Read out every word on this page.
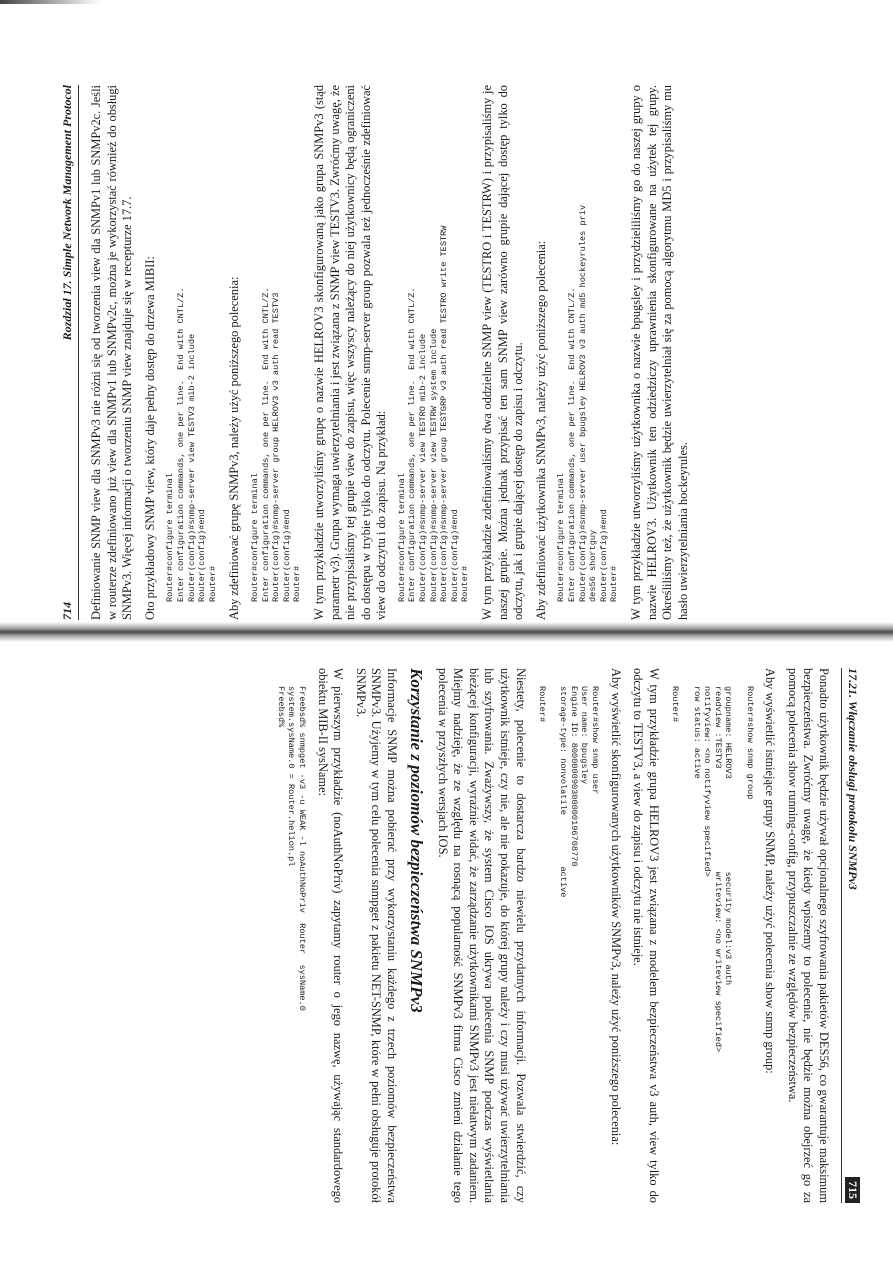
714
Rozdział 17. Simple Network Management Protocol Definiowanie SNMP view dla SNMPv3 nie różni się od tworzenia view dla SNMPv1 lub SNMPv2c. Jeśli w routerze zdefiniowano już view dla SNMPv1 lub SNMPv2c, można je wykorzystać również do obsługi SNMPv3. Więcej informacji o tworzeniu SNMP view znajduje się w recepturze 17.7. Oto przykładowy SNMP view, który daje pełny dostęp do drzewa MIBII: Router#configure terminal
Enter configuration commands, one per line.  End with CNTL/Z.
Router(config)#snmp-server view TESTV3 mib-2 include
Router(config)#end
Router# Aby zdefiniować grupę SNMPv3, należy użyć poniższego polecenia: Router#configure terminal
Enter configuration commands, one per line.  End with CNTL/Z.
Router(config)#snmp-server group HELROV3 v3 auth read TESTV3
Router(config)#end
Router# W tym przykładzie utworzyliśmy grupę o nazwie HELROV3 skonfigurowaną jako grupa SNMPv3 (stąd parametr v3). Grupa wymaga uwierzytelniania i jest związana z SNMP view TESTV3. Zwróćmy uwagę, że nie przypisaliśmy tej grupie view do zapisu, więc wszyscy należący do niej użytkownicy będą ograniczeni do dostępu w trybie tylko do odczytu. Polecenie snmp-server group pozwala też jednocześnie zdefiniować view do odczytu i do zapisu. Na przykład: Router#configure terminal
Enter configuration commands, one per line.  End with CNTL/Z.
Router(config)#snmp-server view TESTRO mib-2 include
Router(config)#snmp-server view TESTRW system include
Router(config)#snmp-server group TESTGRP v3 auth read TESTRO write TESTRW
Router(config)#end
Router# W tym przykładzie zdefiniowaliśmy dwa oddzielne SNMP view (TESTRO i TESTRW) i przypisaliśmy je naszej grupie. Można jednak przypisać ten sam SNMP view zarówno grupie dającej dostęp tylko do odczytu, jak i grupie dającej dostęp do zapisu i odczytu. Aby zdefiniować użytkownika SNMPv3, należy użyć poniższego polecenia: Router#configure terminal
Enter configuration commands, one per line.  End with CNTL/Z.
Router(config)#snmp-server user bpugsley HELROV3 v3 auth md5 hockeyrules priv
des56 shortguy
Router(config)#end
Router# W tym przykładzie utworzyliśmy użytkownika o nazwie bpugsley i przydzieliliśmy go do naszej grupy o nazwie HELROV3. Użytkownik ten odziedziczy uprawnienia skonfigurowane na użytek tej grupy. Określiliśmy też, że użytkownik będzie uwierzytelniał się za pomocą algorytmu MD5 i przypisaliśmy mu hasło uwierzytelniania hockeyrules.

17.21. Włączanie obsługi protokołu SNMPv3
715

Ponadto użytkownik będzie używał opcjonalnego szyfrowania pakietów DES56, co gwarantuje maksimum bezpieczeństwa. Zwróćmy uwagę, że kiedy wpiszemy to polecenie, nie będzie można obejrzeć go za pomocą polecenia show running-config, przypuszczalnie ze względów bezpieczeństwa.

Aby wyświetlić istniejące grupy SNMP, należy użyć polecenia show snmp group:

Router#show snmp group

groupname: HELROV3                  security model:v3 auth
readview :TESTV3                    writeview: <no writeview specified>
notifyview: <no notifyview specified>
row status: active

Router#

W tym przykładzie grupa HELROV3 jest związana z modelem bezpieczeństwa v3 auth, view tylko do odczytu to TESTV3, a view do zapisu i odczytu nie istnieje.

Aby wyświetlić skonfigurowanych użytkowników SNMPv3, należy użyć poniższego polecenia:

Router#show snmp user
User name: bpugsley
Engine ID: 800000090300000196708770
storage-type: nonvolatile          active

Router#

Niestety, polecenie to dostarcza bardzo niewielu przydatnych informacji. Pozwala stwierdzić, czy użytkownik istnieje, czy nie, ale nie pokazuje, do której grupy należy i czy musi używać uwierzytelniania lub szyfrowania. Zważywszy, że system Cisco IOS ukrywa polecenia SNMP podczas wyświetlania bieżącej konfiguracji, wyraźnie widać, że zarządzanie użytkownikami SNMPv3 jest niełatwym zadaniem. Miejmy nadzieję, że ze względu na rosnącą popularność SNMPv3 firma Cisco zmieni działanie tego polecenia w przyszłych wersjach IOS.

Korzystanie z poziomów bezpieczeństwa SNMPv3

Informacje SNMP można pobierać przy wykorzystaniu każdego z trzech poziomów bezpieczeństwa SNMPv3. Użyjemy w tym celu polecenia snmpget z pakietu NET-SNMP, które w pełni obsługuje protokół SNMPv3.

W pierwszym przykładzie (noAuthNoPriv) zapytamy router o jego nazwę, używając standardowego obiektu MIB-II sysName:

Freebsd% snmpget -v3 -u WEAK -l noAuthNoPriv  Router  sysName.0
system.sysName.0 = Router.helion.pl
Freebsd%
